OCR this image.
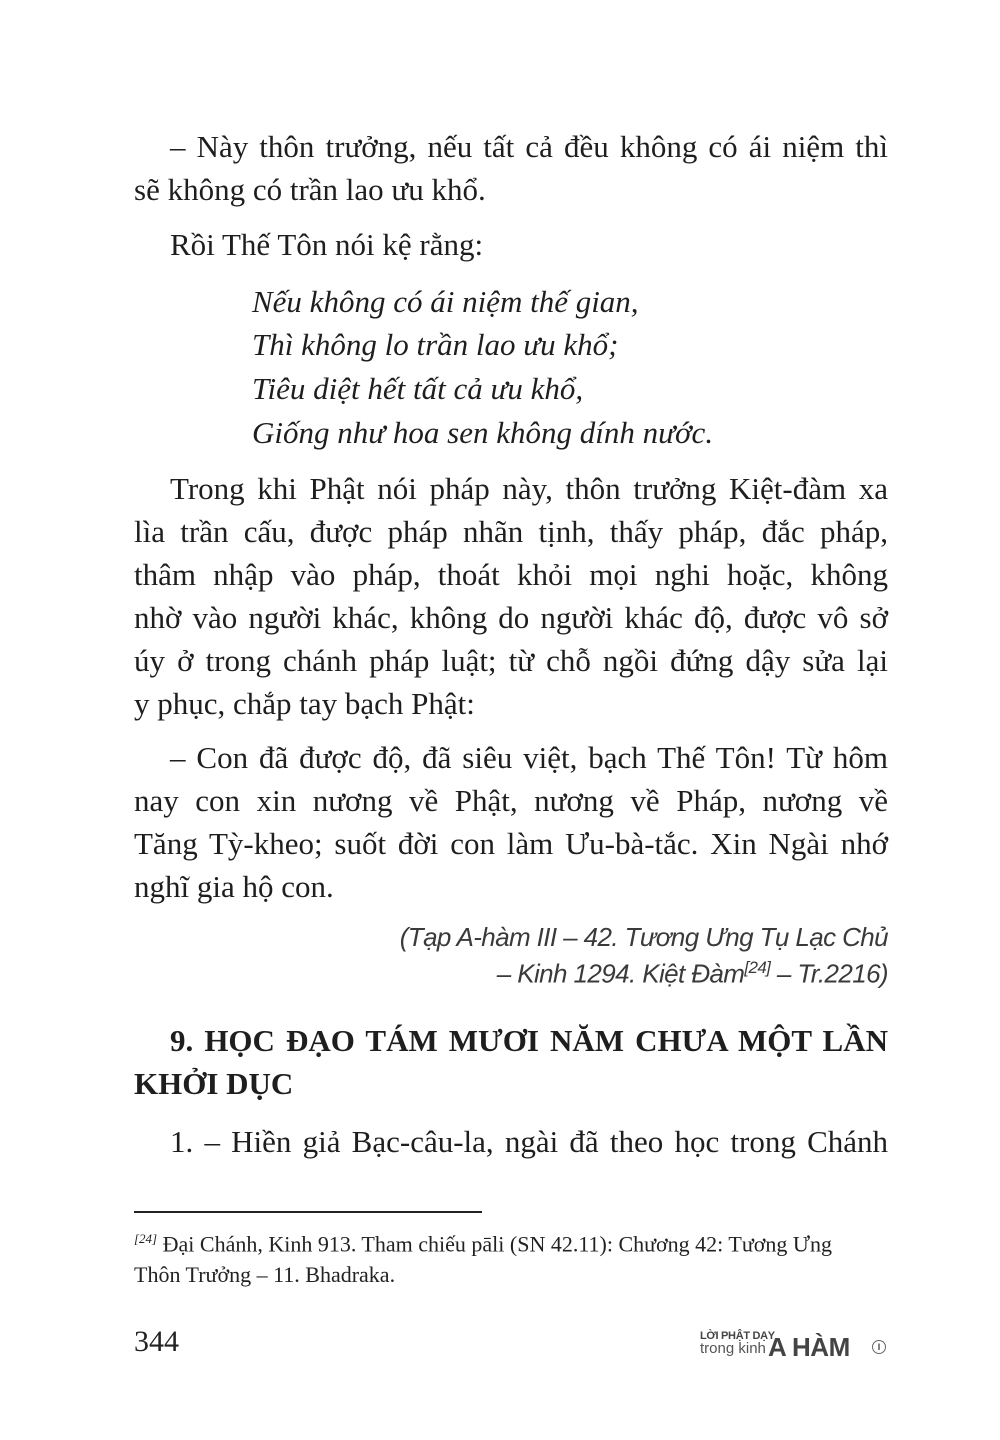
– Này thôn trưởng, nếu tất cả đều không có ái niệm thì
sẽ không có trần lao ưu khổ.
Rồi Thế Tôn nói kệ rằng:
Nếu không có ái niệm thế gian,
Thì không lo trần lao ưu khổ;
Tiêu diệt hết tất cả ưu khổ,
Giống như hoa sen không dính nước.
Trong khi Phật nói pháp này, thôn trưởng Kiệt-đàm xa
lìa trần cấu, được pháp nhãn tịnh, thấy pháp, đắc pháp,
thâm nhập vào pháp, thoát khỏi mọi nghi hoặc, không
nhờ vào người khác, không do người khác độ, được vô sở
úy ở trong chánh pháp luật; từ chỗ ngồi đứng dậy sửa lại
y phục, chắp tay bạch Phật:
– Con đã được độ, đã siêu việt, bạch Thế Tôn! Từ hôm
nay con xin nương về Phật, nương về Pháp, nương về
Tăng Tỳ-kheo; suốt đời con làm Ưu-bà-tắc. Xin Ngài nhớ
nghĩ gia hộ con.
(Tạp A-hàm III – 42. Tương Ưng Tụ Lạc Chủ
– Kinh 1294. Kiệt Đàm[24] – Tr.2216)
9. HỌC ĐẠO TÁM MƯƠI NĂM CHƯA MỘT LẦN
KHỞI DỤC
1. – Hiền giả Bạc-câu-la, ngài đã theo học trong Chánh
[24] Đại Chánh, Kinh 913. Tham chiếu pāli (SN 42.11): Chương 42: Tương Ưng
Thôn Trưởng – 11. Bhadraka.
344	LỜI PHẬT DẠY
trong kinh A HÀM	I
